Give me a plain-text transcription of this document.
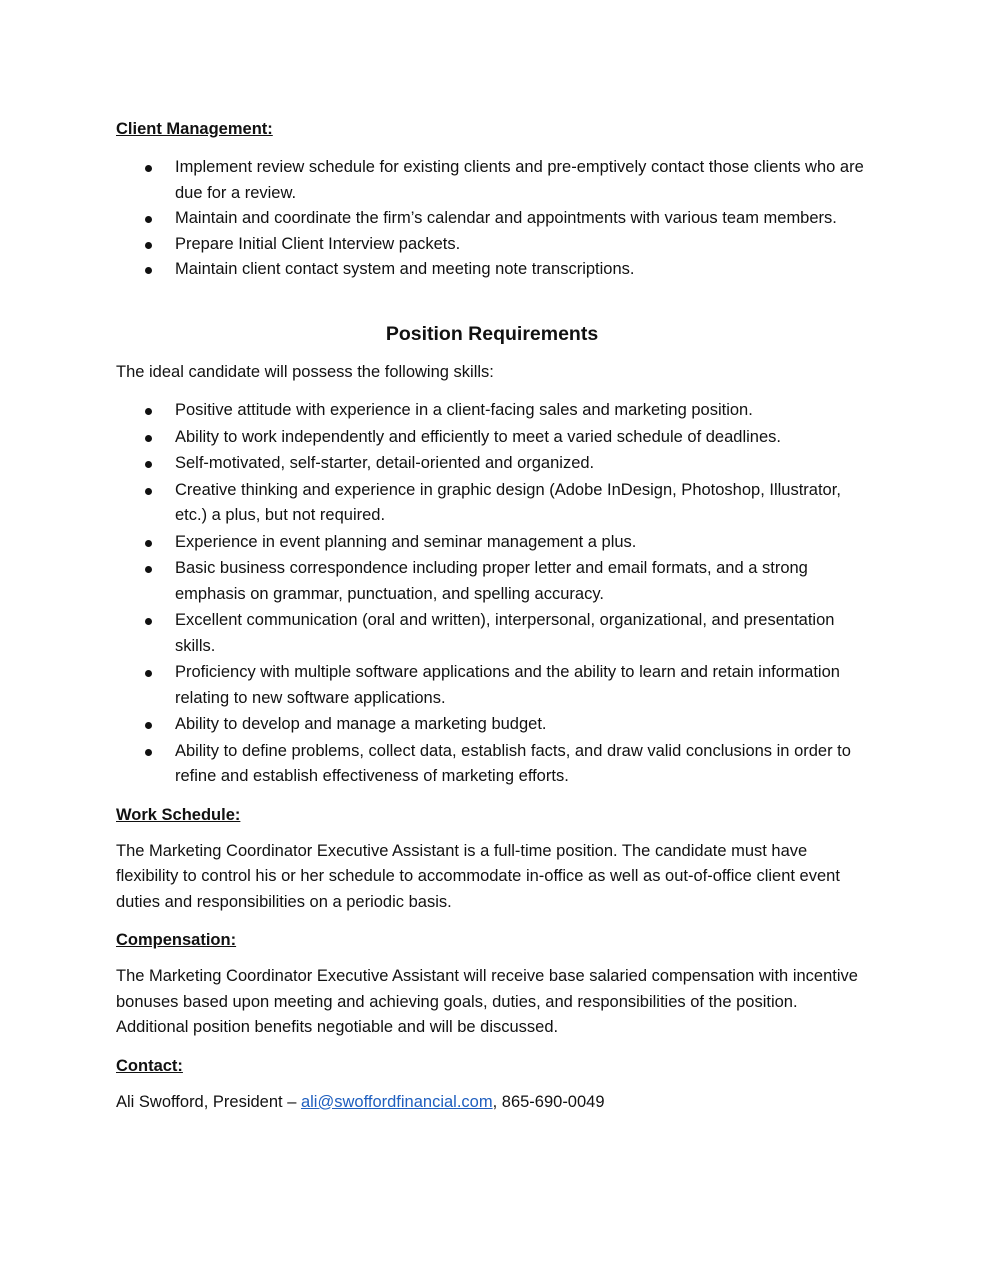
Client Management:
Implement review schedule for existing clients and pre-emptively contact those clients who are due for a review.
Maintain and coordinate the firm’s calendar and appointments with various team members.
Prepare Initial Client Interview packets.
Maintain client contact system and meeting note transcriptions.
Position Requirements

The ideal candidate will possess the following skills:

Positive attitude with experience in a client-facing sales and marketing position.
Ability to work independently and efficiently to meet a varied schedule of deadlines.
Self-motivated, self-starter, detail-oriented and organized.
Creative thinking and experience in graphic design (Adobe InDesign, Photoshop, Illustrator, etc.) a plus, but not required.
Experience in event planning and seminar management a plus.
Basic business correspondence including proper letter and email formats, and a strong emphasis on grammar, punctuation, and spelling accuracy.
Excellent communication (oral and written), interpersonal, organizational, and presentation skills.
Proficiency with multiple software applications and the ability to learn and retain information relating to new software applications.
Ability to develop and manage a marketing budget.
Ability to define problems, collect data, establish facts, and draw valid conclusions in order to refine and establish effectiveness of marketing efforts.
Work Schedule:

The Marketing Coordinator Executive Assistant is a full-time position. The candidate must have flexibility to control his or her schedule to accommodate in-office as well as out-of-office client event duties and responsibilities on a periodic basis.

Compensation:

The Marketing Coordinator Executive Assistant will receive base salaried compensation with incentive bonuses based upon meeting and achieving goals, duties, and responsibilities of the position. Additional position benefits negotiable and will be discussed.

Contact:

Ali Swofford, President – ali@swoffordfinancial.com, 865-690-0049
